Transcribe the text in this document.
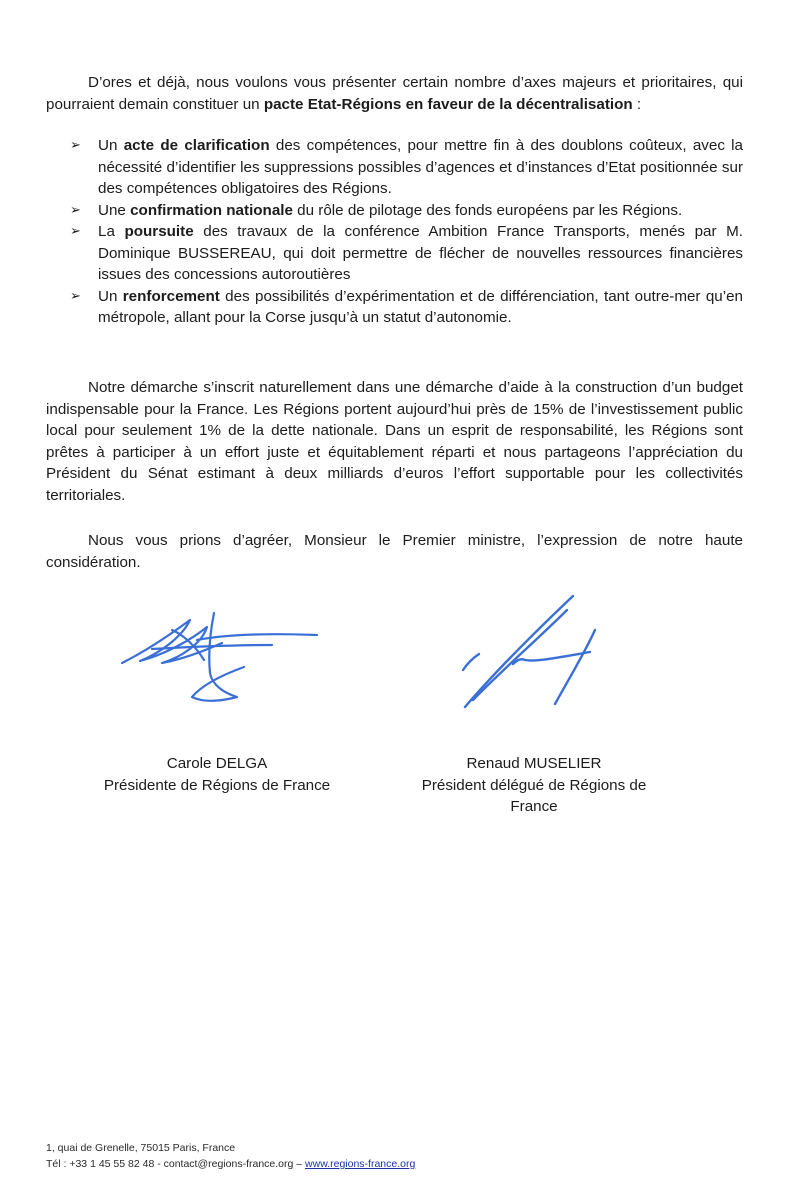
D’ores et déjà, nous voulons vous présenter certain nombre d’axes majeurs et prioritaires, qui pourraient demain constituer un pacte Etat-Régions en faveur de la décentralisation :

➢ Un acte de clarification des compétences, pour mettre fin à des doublons coûteux, avec la nécessité d’identifier les suppressions possibles d’agences et d’instances d’Etat positionnée sur des compétences obligatoires des Régions.
➢ Une confirmation nationale du rôle de pilotage des fonds européens par les Régions.
➢ La poursuite des travaux de la conférence Ambition France Transports, menés par M. Dominique BUSSEREAU, qui doit permettre de flécher de nouvelles ressources financières issues des concessions autoroutières
➢ Un renforcement des possibilités d’expérimentation et de différenciation, tant outre-mer qu’en métropole, allant pour la Corse jusqu’à un statut d’autonomie.

Notre démarche s’inscrit naturellement dans une démarche d’aide à la construction d’un budget indispensable pour la France. Les Régions portent aujourd’hui près de 15% de l’investissement public local pour seulement 1% de la dette nationale. Dans un esprit de responsabilité, les Régions sont prêtes à participer à un effort juste et équitablement réparti et nous partageons l’appréciation du Président du Sénat estimant à deux milliards d’euros l’effort supportable pour les collectivités territoriales.

Nous vous prions d’agréer, Monsieur le Premier ministre, l’expression de notre haute considération.

Carole DELGA
Présidente de Régions de France
Renaud MUSELIER
Président délégué de Régions de France
1, quai de Grenelle, 75015 Paris, France
Tél : +33 1 45 55 82 48 - contact@regions-france.org – www.regions-france.org
